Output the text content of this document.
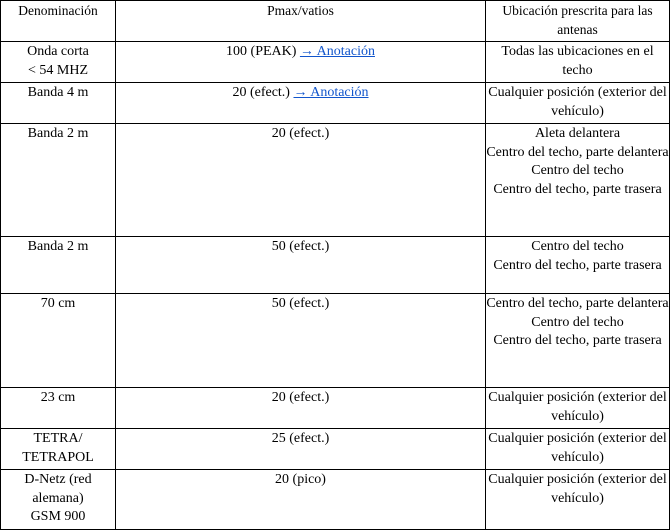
Denominación	Pmax/vatios	Ubicación prescrita para las antenas

Onda corta
< 54 MHZ	100 (PEAK) → Anotación	Todas las ubicaciones en el techo

Banda 4 m	20 (efect.) → Anotación	Cualquier posición (exterior del vehículo)

Banda 2 m	20 (efect.)	Aleta delantera
Centro del techo, parte delantera
Centro del techo
Centro del techo, parte trasera

Banda 2 m	50 (efect.)	Centro del techo
Centro del techo, parte trasera

70 cm	50 (efect.)	Centro del techo, parte delantera
Centro del techo
Centro del techo, parte trasera

23 cm	20 (efect.)	Cualquier posición (exterior del vehículo)

TETRA/
TETRAPOL	25 (efect.)	Cualquier posición (exterior del vehículo)

D-Netz (red alemana)
GSM 900	20 (pico)	Cualquier posición (exterior del vehículo)
